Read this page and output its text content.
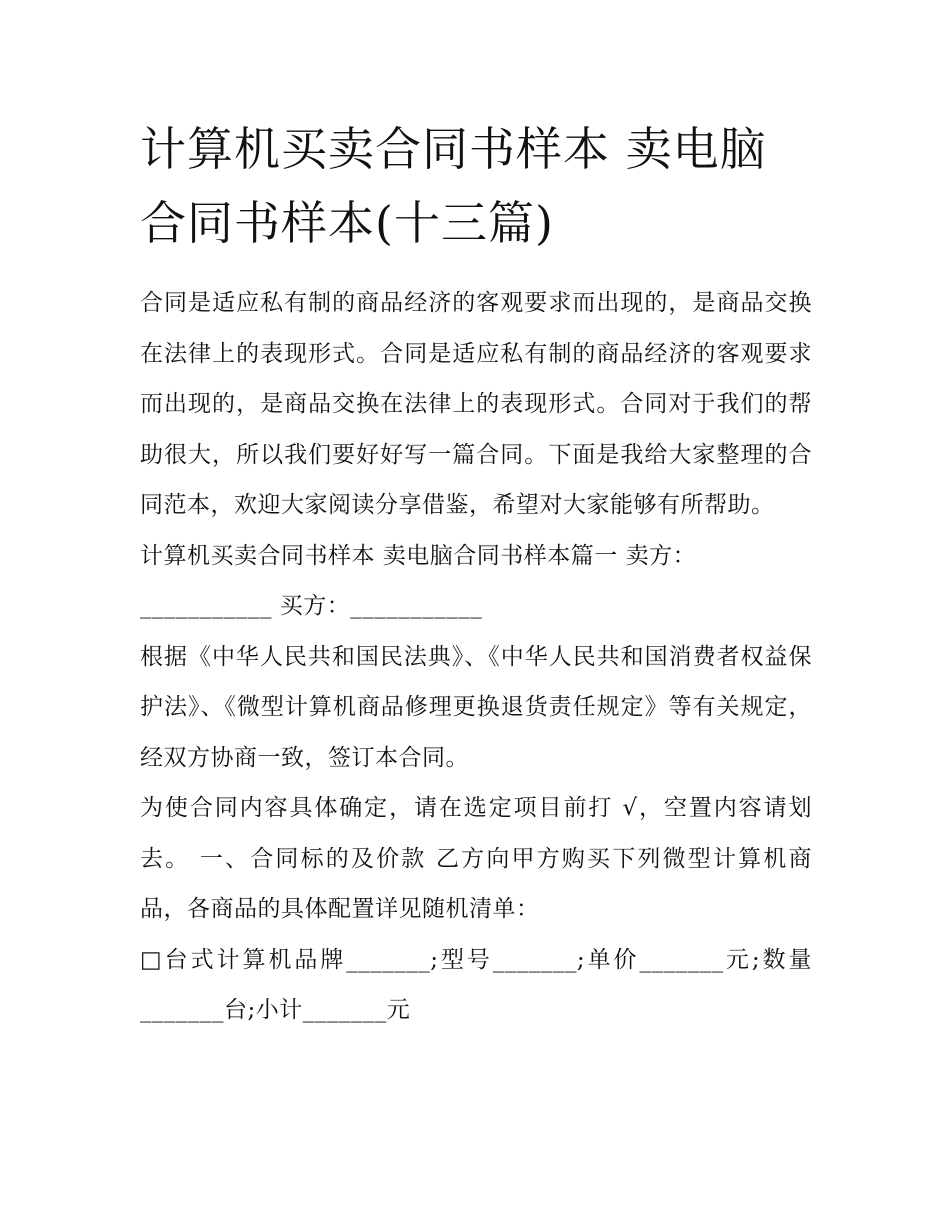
计算机买卖合同书样本 卖电脑合同书样本(十三篇)

合同是适应私有制的商品经济的客观要求而出现的，是商品交换在法律上的表现形式。合同是适应私有制的商品经济的客观要求而出现的，是商品交换在法律上的表现形式。合同对于我们的帮助很大，所以我们要好好写一篇合同。下面是我给大家整理的合同范本，欢迎大家阅读分享借鉴，希望对大家能够有所帮助。

计算机买卖合同书样本 卖电脑合同书样本篇一 卖方：

___________ 买方：___________

根据《中华人民共和国民法典》、《中华人民共和国消费者权益保护法》、《微型计算机商品修理更换退货责任规定》等有关规定，经双方协商一致，签订本合同。

为使合同内容具体确定，请在选定项目前打 √，空置内容请划去。 一、合同标的及价款 乙方向甲方购买下列微型计算机商品，各商品的具体配置详见随机清单：

□台式计算机品牌_______;型号_______;单价_______元;数量_______台;小计_______元
